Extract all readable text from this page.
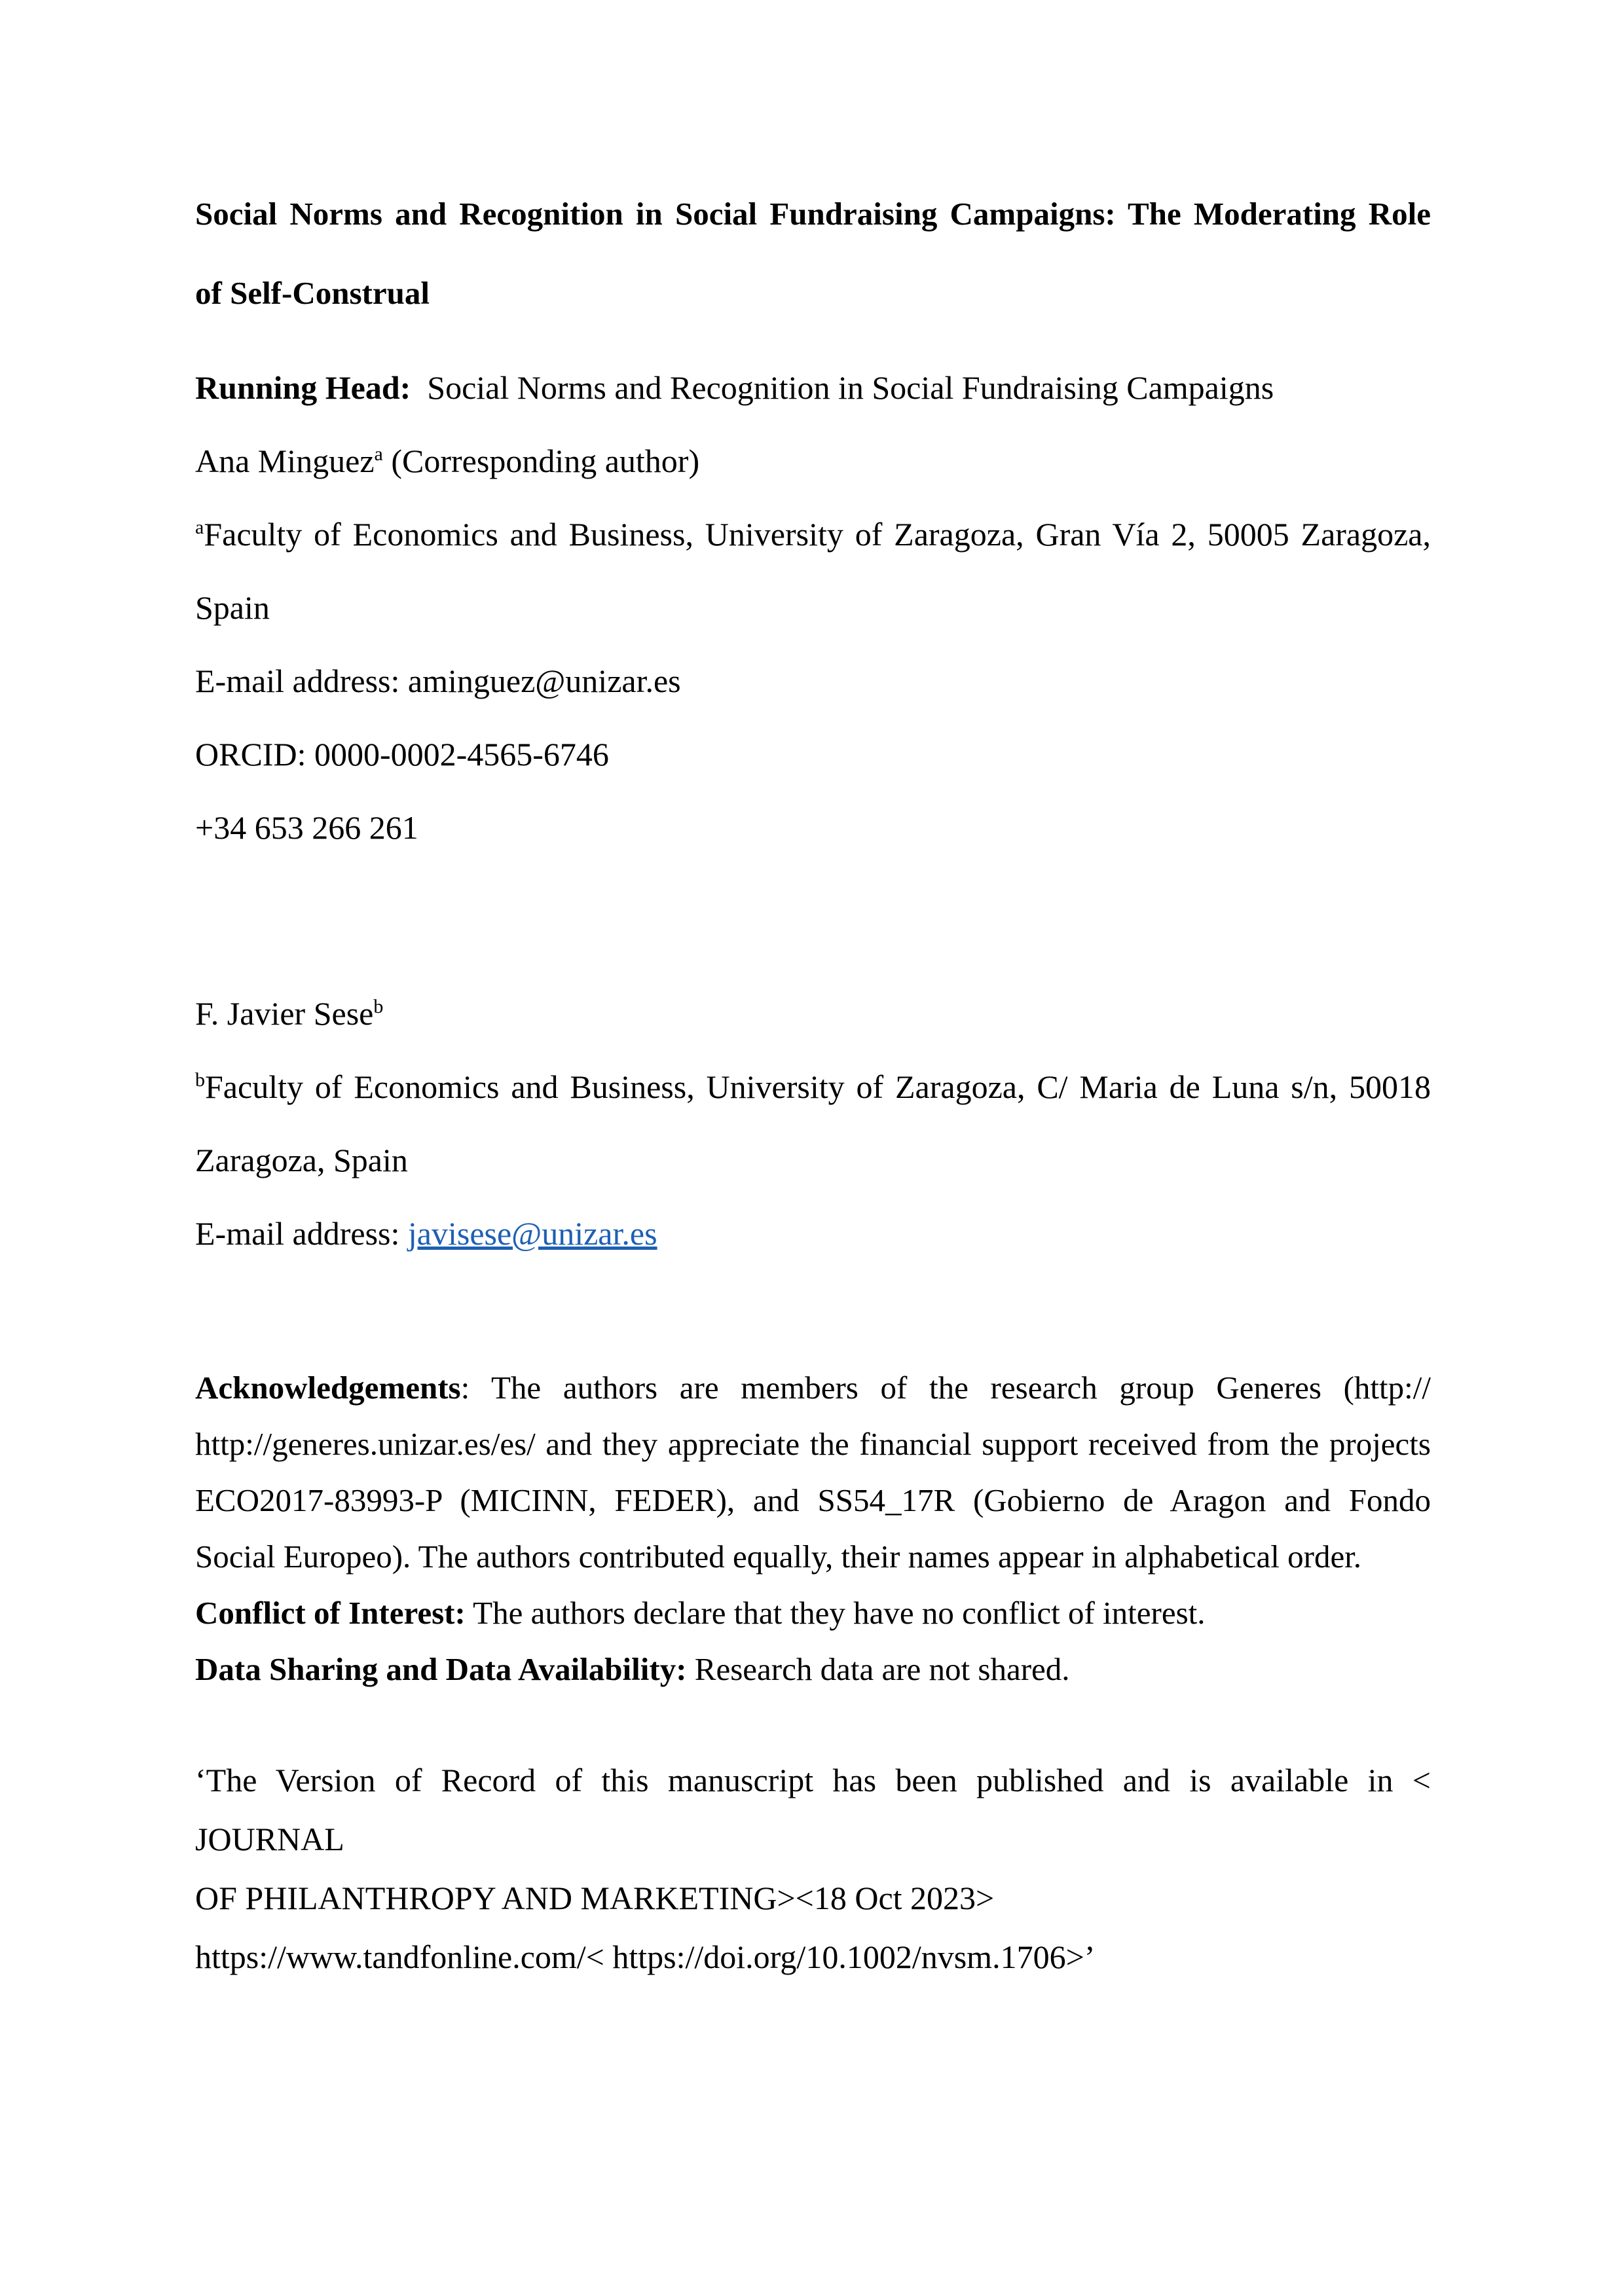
Social Norms and Recognition in Social Fundraising Campaigns: The Moderating Role
of Self-Construal
Running Head:  Social Norms and Recognition in Social Fundraising Campaigns
Ana Minguez$^a$ (Corresponding author)
$^a$Faculty of Economics and Business, University of Zaragoza, Gran Vía 2, 50005 Zaragoza,
Spain
E-mail address: aminguez@unizar.es
ORCID: 0000-0002-4565-6746
+34 653 266 261
F. Javier Sese$^b$
$^b$Faculty of Economics and Business, University of Zaragoza, C/ Maria de Luna s/n, 50018
Zaragoza, Spain
E-mail address: javisese@unizar.es
Acknowledgements: The authors are members of the research group Generes (http://
http://generes.unizar.es/es/ and they appreciate the financial support received from the projects
ECO2017-83993-P (MICINN, FEDER), and SS54_17R (Gobierno de Aragon and Fondo
Social Europeo). The authors contributed equally, their names appear in alphabetical order.
Conflict of Interest: The authors declare that they have no conflict of interest.
Data Sharing and Data Availability: Research data are not shared.
‘The Version of Record of this manuscript has been published and is available in < JOURNAL
OF PHILANTHROPY AND MARKETING><18 Oct 2023>
https://www.tandfonline.com/< https://doi.org/10.1002/nvsm.1706>’
